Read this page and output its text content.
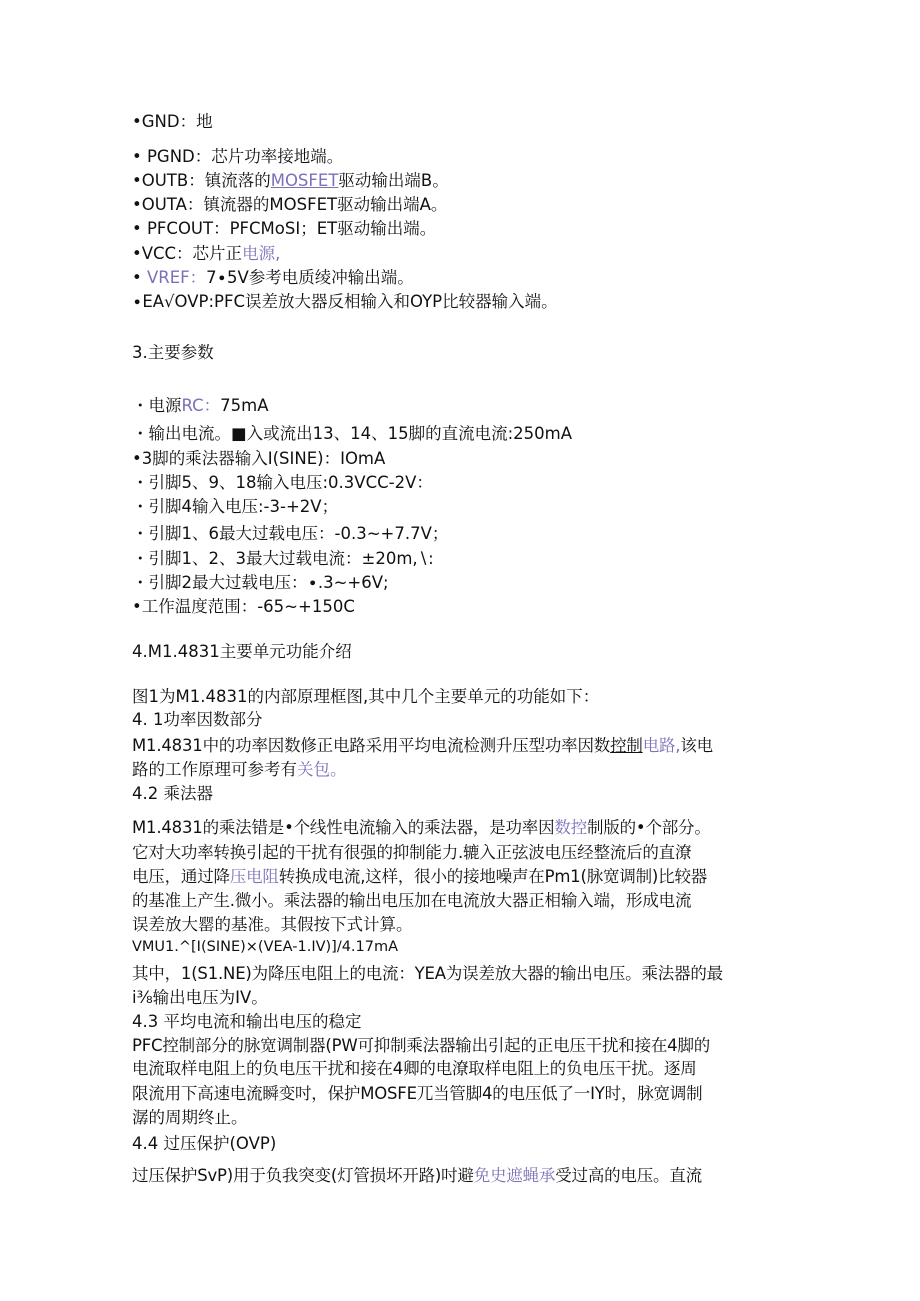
•GND：地

• PGND：芯片功率接地端。

•OUTB：镇流落的MOSFET驱动输出端B。

•OUTA：镇流器的MOSFET驱动输出端A。

• PFCOUT：PFCMoSI；ET驱动输出端。

•VCC：芯片正电源,

• VREF：7∙5V参考电质绫冲输出端。

∙EA√OVP:PFC误差放大器反相输入和OYP比较器输入端。

3.主要参数

・电源RC：75mA

・输出电流。■入或流出13、14、15脚的直流电流:250mA

•3脚的乘法器输入I(SINE)：IOmA

・引脚5、9、18输入电压:0.3VCC-2V：

・引脚4输入电压:-3-+2V；

・引脚1、6最大过载电压：-0.3~+7.7V；

・引脚1、2、3最大过载电流：±20m,∖:

・引脚2最大过载电压：∙.3~+6V;

•工作温度范围：-65~+150C

4.M1.4831主要单元功能介绍

图1为M1.4831的内部原理框图,其中几个主要单元的功能如下：

4. 1功率因数部分

M1.4831中的功率因数修正电路采用平均电流检测升压型功率因数控制电路,该电

路的工作原理可参考有关包。

4.2 乘法器

M1.4831的乘法错是•个线性电流输入的乘法器，是功率因数控制版的•个部分。

它对大功率转换引起的干扰有很强的抑制能力.辘入正弦波电压经整流后的直潦

电压，通过降压电阻转换成电流,这样，很小的接地噪声在Pm1(脉宽调制)比较器

的基准上产生.微小。乘法器的输出电压加在电流放大器正相输入端，形成电流

误差放大罂的基准。其假按下式计算。

VMU1.^[I(SINE)×(VEA-1.IV)]/4.17mA

其中，1(S1.NE)为降压电阻上的电流：YEA为误差放大器的输出电压。乘法器的最

i⅜输出电压为IV。

4.3 平均电流和输出电压的稳定

PFC控制部分的脉宽调制器(PW可抑制乘法器输出引起的正电压干扰和接在4脚的

电流取样电阻上的负电压干扰和接在4卿的电潦取样电阻上的负电压干扰。逐周

限流用下高速电流瞬变吋，保护MOSFE兀当管脚4的电压低了一IY时，脉宽调制

潺的周期终止。

4.4 过压保护(OVP)

过压保护SvP)用于负我突变(灯管损坏开路)吋避免史遮蝇承受过高的电压。直流
